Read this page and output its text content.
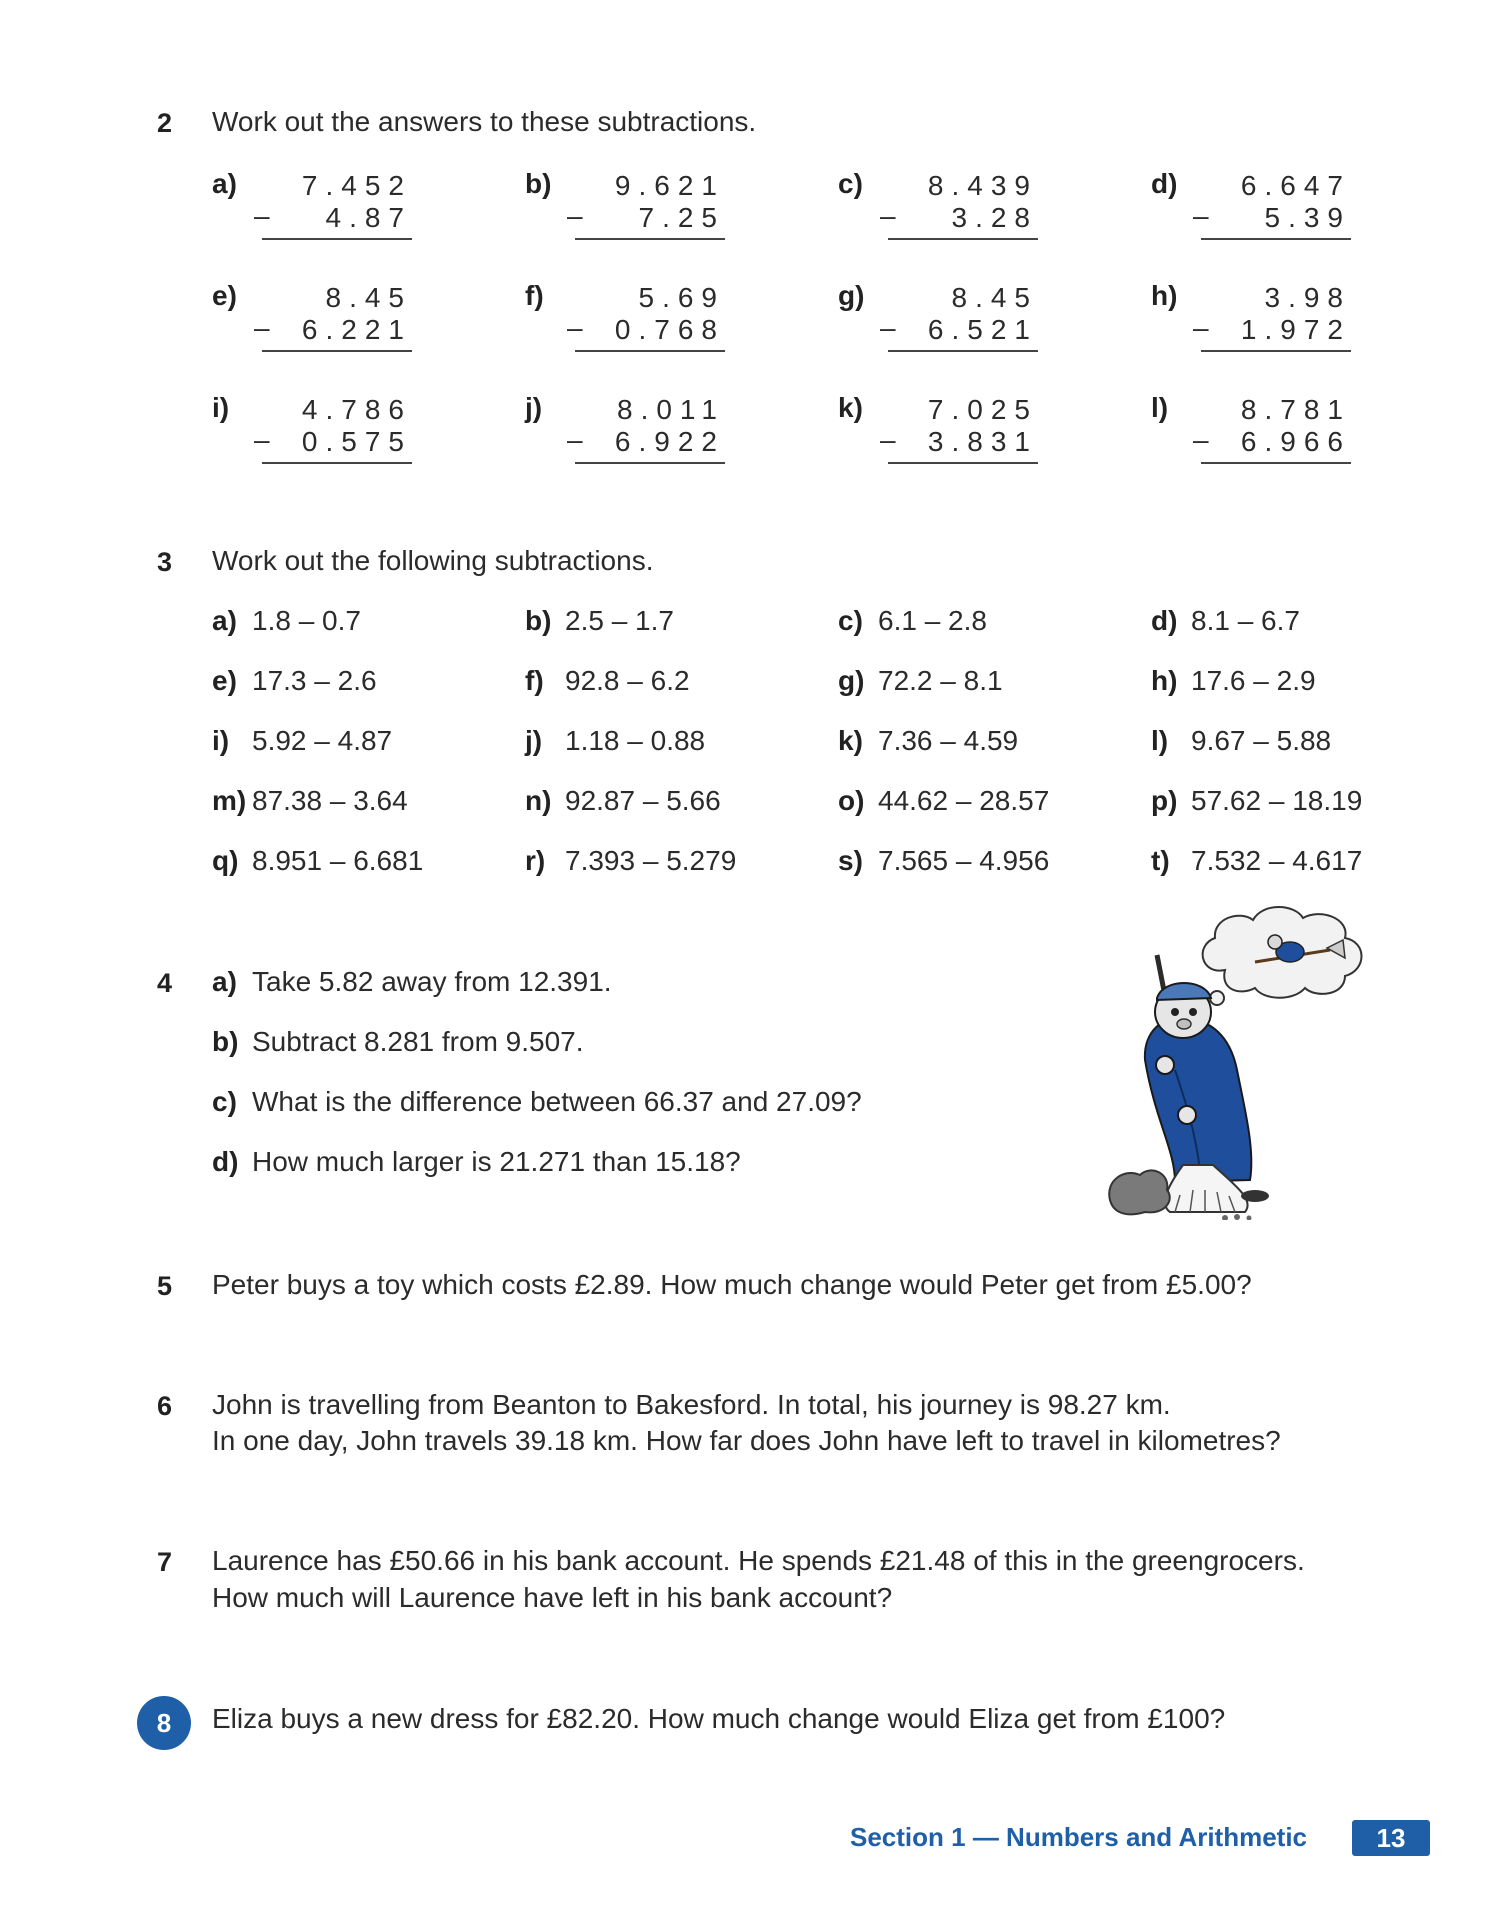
2 Work out the answers to these subtractions.
a)	7.452
–	4.87
b)	9.621
–	7.25
c)	8.439
–	3.28
d)	6.647
–	5.39
e)	8.45
–	6.221
f)	5.69
–	0.768
g)	8.45
–	6.521
h)	3.98
–	1.972
i)	4.786
–	0.575
j)	8.011
–	6.922
k)	7.025
–	3.831
l)	8.781
–	6.966
3 Work out the following subtractions.
a) 1.8 – 0.7	b) 2.5 – 1.7	c) 6.1 – 2.8	d) 8.1 – 6.7
e) 17.3 – 2.6	f) 92.8 – 6.2	g) 72.2 – 8.1	h) 17.6 – 2.9
i) 5.92 – 4.87	j) 1.18 – 0.88	k) 7.36 – 4.59	l) 9.67 – 5.88
m) 87.38 – 3.64	n) 92.87 – 5.66	o) 44.62 – 28.57	p) 57.62 – 18.19
q) 8.951 – 6.681	r) 7.393 – 5.279	s) 7.565 – 4.956	t) 7.532 – 4.617
4 a) Take 5.82 away from 12.391.
b) Subtract 8.281 from 9.507.
c) What is the difference between 66.37 and 27.09?
d) How much larger is 21.271 than 15.18?
5 Peter buys a toy which costs £2.89. How much change would Peter get from £5.00?
6 John is travelling from Beanton to Bakesford. In total, his journey is 98.27 km.
In one day, John travels 39.18 km. How far does John have left to travel in kilometres?
7 Laurence has £50.66 in his bank account. He spends £21.48 of this in the greengrocers.
How much will Laurence have left in his bank account?
8	Eliza buys a new dress for £82.20. How much change would Eliza get from £100?
Section 1 — Numbers and Arithmetic	13
